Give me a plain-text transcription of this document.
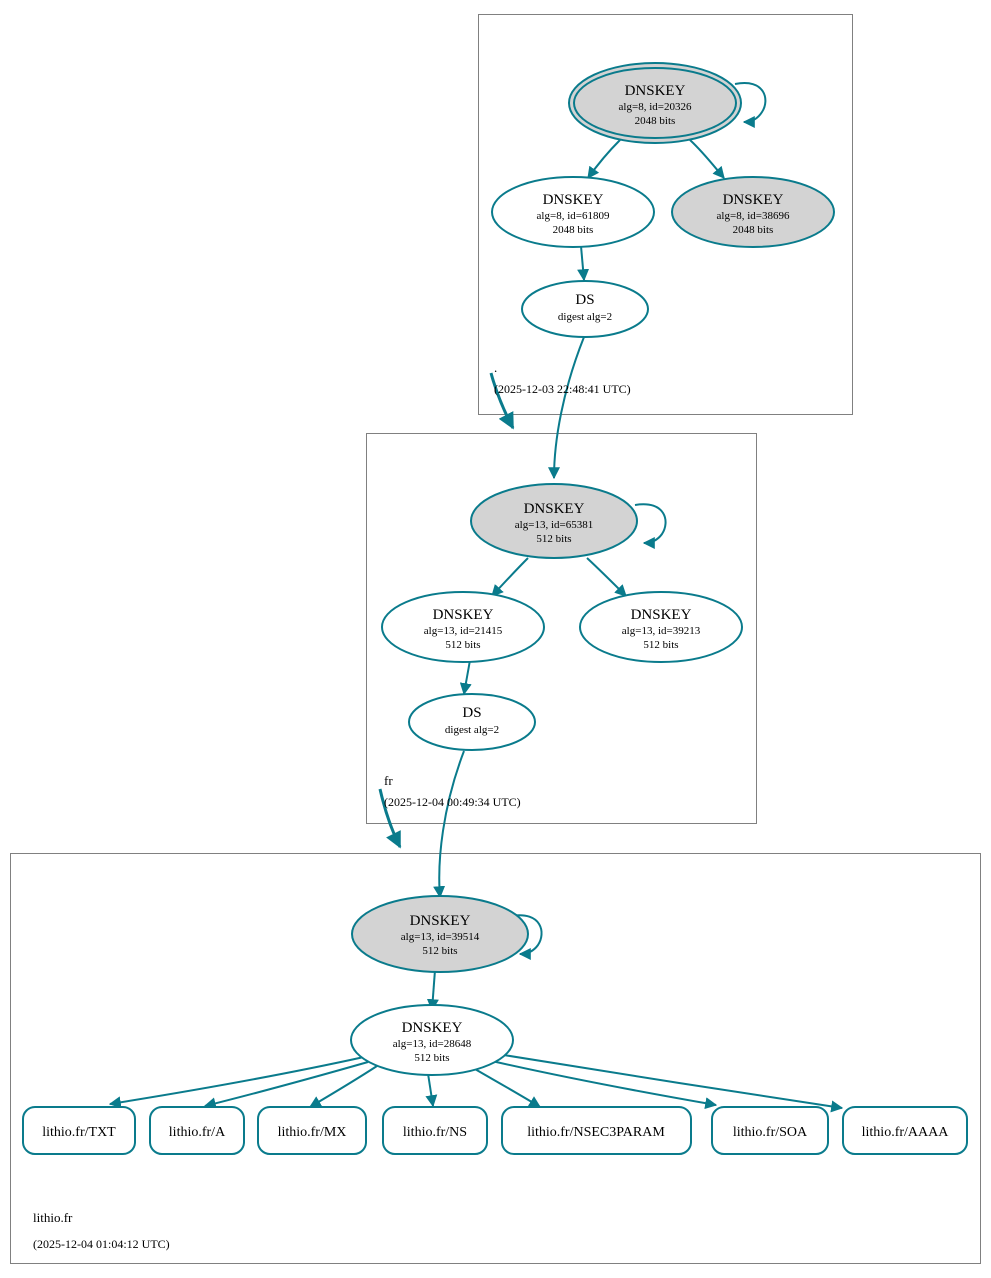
DNSKEY
alg=8, id=20326
2048 bits
DNSKEY
alg=8, id=61809
2048 bits
DNSKEY
alg=8, id=38696
2048 bits
DS
digest alg=2
.
(2025-12-03 22:48:41 UTC)
DNSKEY
alg=13, id=65381
512 bits
DNSKEY
alg=13, id=21415
512 bits
DNSKEY
alg=13, id=39213
512 bits
DS
digest alg=2
fr
(2025-12-04 00:49:34 UTC)
DNSKEY
alg=13, id=39514
512 bits
DNSKEY
alg=13, id=28648
512 bits
lithio.fr/TXT	lithio.fr/A	lithio.fr/MX	lithio.fr/NS	lithio.fr/NSEC3PARAM	lithio.fr/SOA	lithio.fr/AAAA
lithio.fr
(2025-12-04 01:04:12 UTC)
